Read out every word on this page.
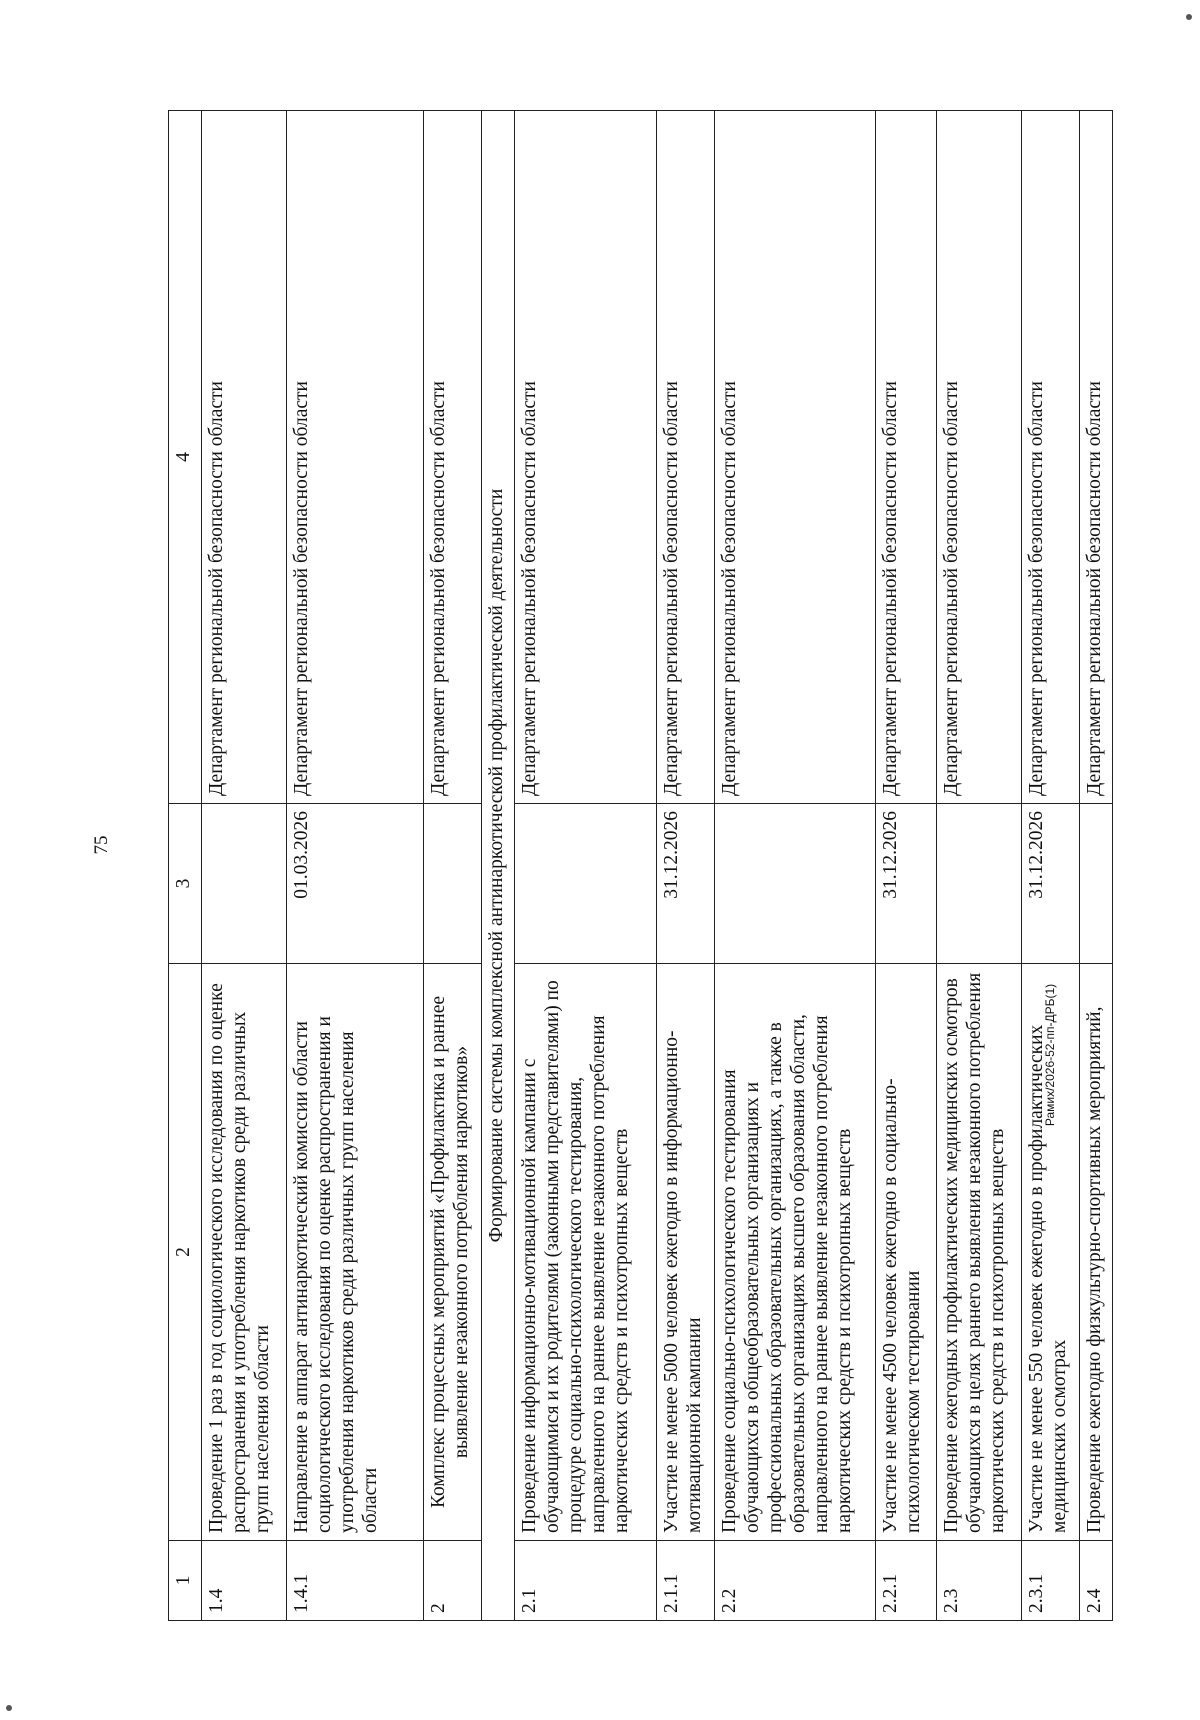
75
Рамих/2026-52-пп-ДРБ(1)
1	2	3	4
1.4	Проведение 1 раз в год социологического исследования по оценке распространения и употребления наркотиков среди различных групп населения области		Департамент региональной безопасности области
1.4.1	Направление в аппарат антинаркотический комиссии области социологического исследования по оценке распространения и употребления наркотиков среди различных групп населения области	01.03.2026	Департамент региональной безопасности области
2	Комплекс процессных мероприятий «Профилактика и раннее выявление незаконного потребления наркотиков»		Департамент региональной безопасности области
Формирование системы комплексной антинаркотической профилактической деятельности			
2.1	Проведение информационно-мотивационной кампании с обучающимися и их родителями (законными представителями) по процедуре социально-психологического тестирования, направленного на раннее выявление незаконного потребления наркотических средств и психотропных веществ		Департамент региональной безопасности области
2.1.1	Участие не менее 5000 человек ежегодно в информационно-мотивационной кампании	31.12.2026	Департамент региональной безопасности области
2.2	Проведение социально-психологического тестирования обучающихся в общеобразовательных организациях и профессиональных образовательных организациях, а также в образовательных организациях высшего образования области, направленного на раннее выявление незаконного потребления наркотических средств и психотропных веществ		Департамент региональной безопасности области
2.2.1	Участие не менее 4500 человек ежегодно в социально-психологическом тестировании	31.12.2026	Департамент региональной безопасности области
2.3	Проведение ежегодных профилактических медицинских осмотров обучающихся в целях раннего выявления незаконного потребления наркотических средств и психотропных веществ		Департамент региональной безопасности области
2.3.1	Участие не менее 550 человек ежегодно в профилактических медицинских осмотрах	31.12.2026	Департамент региональной безопасности области
2.4	Проведение ежегодно физкультурно-спортивных мероприятий,		Департамент региональной безопасности области
